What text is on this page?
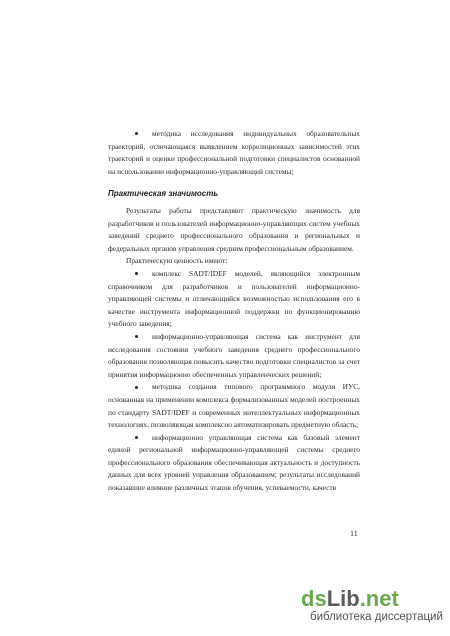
методика исследования индивидуальных образовательных траекторий, отличающаяся выявлением корреляционных зависимостей этих траекторий и оценки профессиональной подготовки специалистов основанной на использовании информационно-управляющей системы;

Практическая значимость

Результаты работы представляют практическую значимость для разработчиков и пользователей информационно-управляющих систем учебных заведений среднего профессионального образования и региональных и федеральных органов управления средним профессиональным образованием.

Практическую ценность имеют:

комплекс SADT/IDEF моделей, являющийся электронным справочником для разработчиков и пользователей информационно-управляющей системы и отличающийся возможностью использования его в качестве инструмента информационной поддержки по функционированию учебного заведения;

информационно-управляющая система как инструмент для исследования состояния учебного заведения среднего профессионального образования позволяющая повысить качество подготовки специалистов за счет принятия информационно обеспеченных управленческих решений;

методика создания типового программного модуля ИУС, основанная на применении комплекса формализованных моделей построенных по стандарту SADT/IDEF и современных интеллектуальных информационных технологиях, позволяющая комплексно автоматизировать предметную область;

информационно управляющая система как базовый элемент единой региональной информационно-управляющей системы среднего профессионального образования обеспечивающая актуальность и доступность данных для всех уровней управления образованием; результаты исследований показавшие влияние различных этапов обучения, успеваемости, качеств

11
ds Lib .net
библиотека диссертаций
